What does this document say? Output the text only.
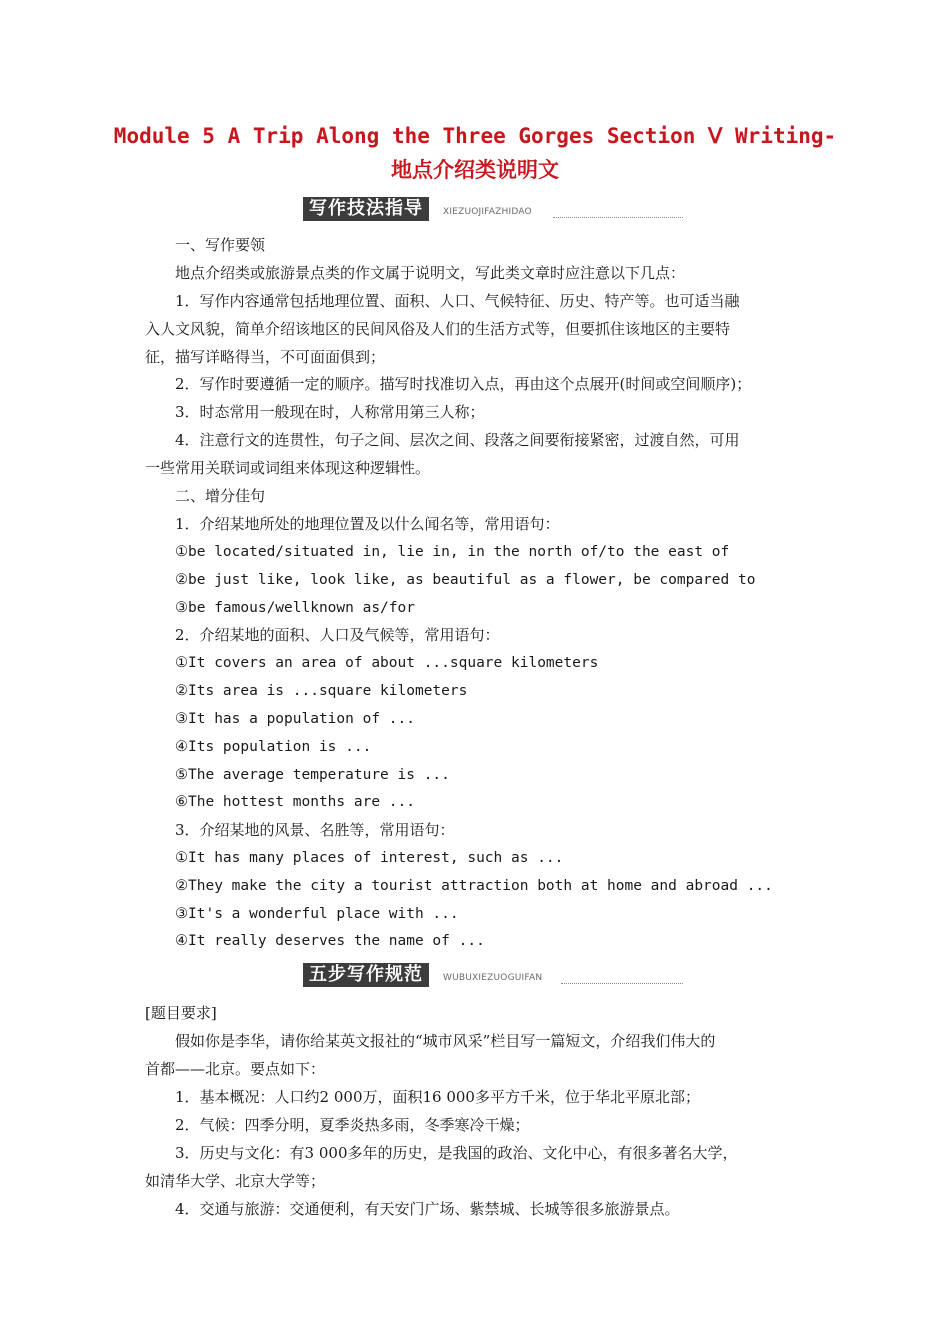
Module 5 A Trip Along the Three Gorges Section Ⅴ Writing-
地点介绍类说明文
写作技法指导	XIEZUOJIFAZHIDAO
一、写作要领
地点介绍类或旅游景点类的作文属于说明文，写此类文章时应注意以下几点：
1．写作内容通常包括地理位置、面积、人口、气候特征、历史、特产等。也可适当融
入人文风貌，简单介绍该地区的民间风俗及人们的生活方式等，但要抓住该地区的主要特
征，描写详略得当，不可面面俱到；
2．写作时要遵循一定的顺序。描写时找准切入点，再由这个点展开(时间或空间顺序)；
3．时态常用一般现在时，人称常用第三人称；
4．注意行文的连贯性，句子之间、层次之间、段落之间要衔接紧密，过渡自然，可用
一些常用关联词或词组来体现这种逻辑性。
二、增分佳句
1．介绍某地所处的地理位置及以什么闻名等，常用语句：
①be located/situated in, lie in, in the north of/to the east of
②be just like, look like, as beautiful as a flower, be compared to
③be famous/wellknown as/for
2．介绍某地的面积、人口及气候等，常用语句：
①It covers an area of about ...square kilometers
②Its area is ...square kilometers
③It has a population of ...
④Its population is ...
⑤The average temperature is ...
⑥The hottest months are ...
3．介绍某地的风景、名胜等，常用语句：
①It has many places of interest, such as ...
②They make the city a tourist attraction both at home and abroad ...
③It's a wonderful place with ...
④It really deserves the name of ...
五步写作规范	WUBUXIEZUOGUIFAN
[题目要求]
假如你是李华，请你给某英文报社的“城市风采”栏目写一篇短文，介绍我们伟大的
首都——北京。要点如下：
1．基本概况：人口约2 000万，面积16 000多平方千米，位于华北平原北部；
2．气候：四季分明，夏季炎热多雨，冬季寒冷干燥；
3．历史与文化：有3 000多年的历史，是我国的政治、文化中心，有很多著名大学，
如清华大学、北京大学等；
4．交通与旅游：交通便利，有天安门广场、紫禁城、长城等很多旅游景点。
